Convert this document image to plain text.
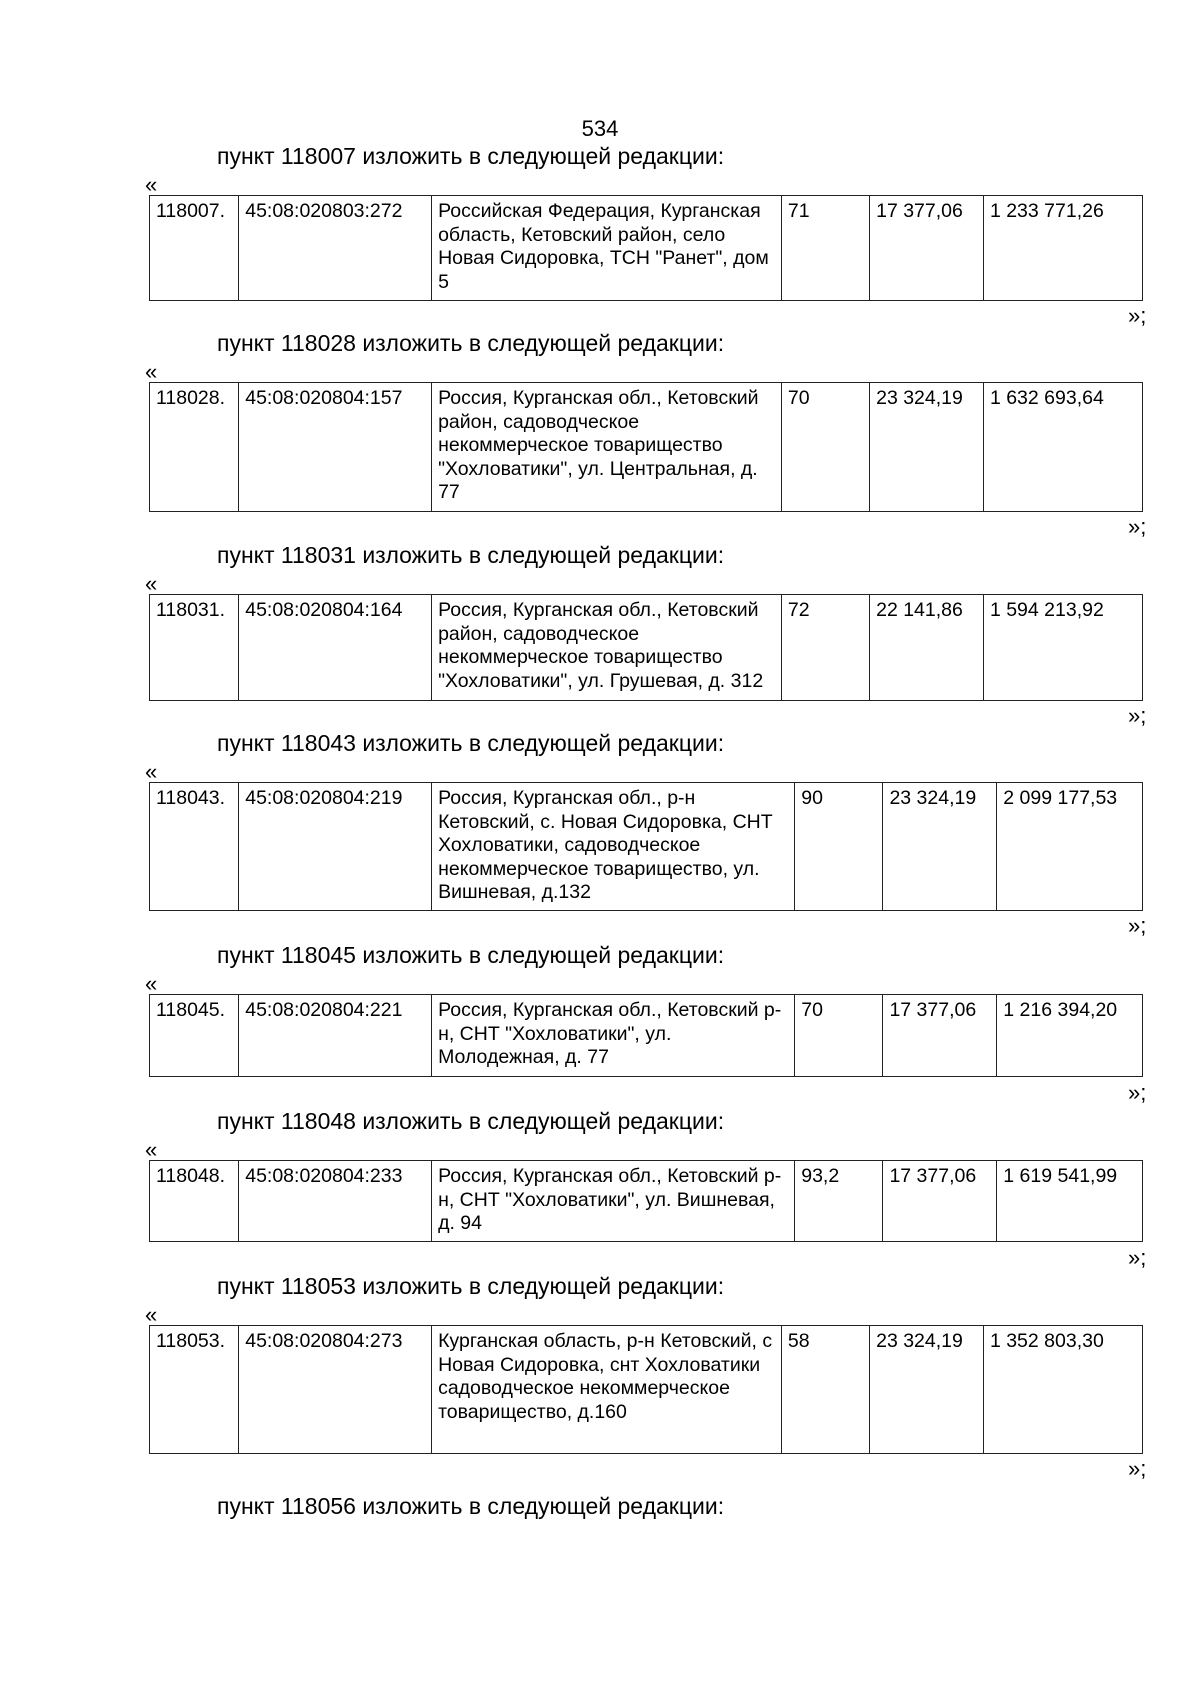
534
пункт 118007 изложить в следующей редакции:
«
118007.	45:08:020803:272	Российская Федерация, Курганская область, Кетовский район, село Новая Сидоровка, ТСН "Ранет", дом 5	71	17 377,06	1 233 771,26
»;
пункт 118028 изложить в следующей редакции:
«
118028.	45:08:020804:157	Россия, Курганская обл., Кетовский район, садоводческое некоммерческое товарищество "Хохловатики", ул. Центральная, д. 77	70	23 324,19	1 632 693,64
»;
пункт 118031 изложить в следующей редакции:
«
118031.	45:08:020804:164	Россия, Курганская обл., Кетовский район, садоводческое некоммерческое товарищество "Хохловатики", ул. Грушевая, д. 312	72	22 141,86	1 594 213,92
»;
пункт 118043 изложить в следующей редакции:
«
118043.	45:08:020804:219	Россия, Курганская обл., р-н Кетовский, с. Новая Сидоровка, СНТ Хохловатики, садоводческое некоммерческое товарищество, ул. Вишневая, д.132	90	23 324,19	2 099 177,53
»;
пункт 118045 изложить в следующей редакции:
«
118045.	45:08:020804:221	Россия, Курганская обл., Кетовский р-н, СНТ "Хохловатики", ул. Молодежная, д. 77	70	17 377,06	1 216 394,20
»;
пункт 118048 изложить в следующей редакции:
«
118048.	45:08:020804:233	Россия, Курганская обл., Кетовский р-н, СНТ "Хохловатики", ул. Вишневая, д. 94	93,2	17 377,06	1 619 541,99
»;
пункт 118053 изложить в следующей редакции:
«
118053.	45:08:020804:273	Курганская область, р-н Кетовский, с Новая Сидоровка, снт Хохловатики садоводческое некоммерческое товарищество, д.160	58	23 324,19	1 352 803,30
»;
пункт 118056 изложить в следующей редакции:
